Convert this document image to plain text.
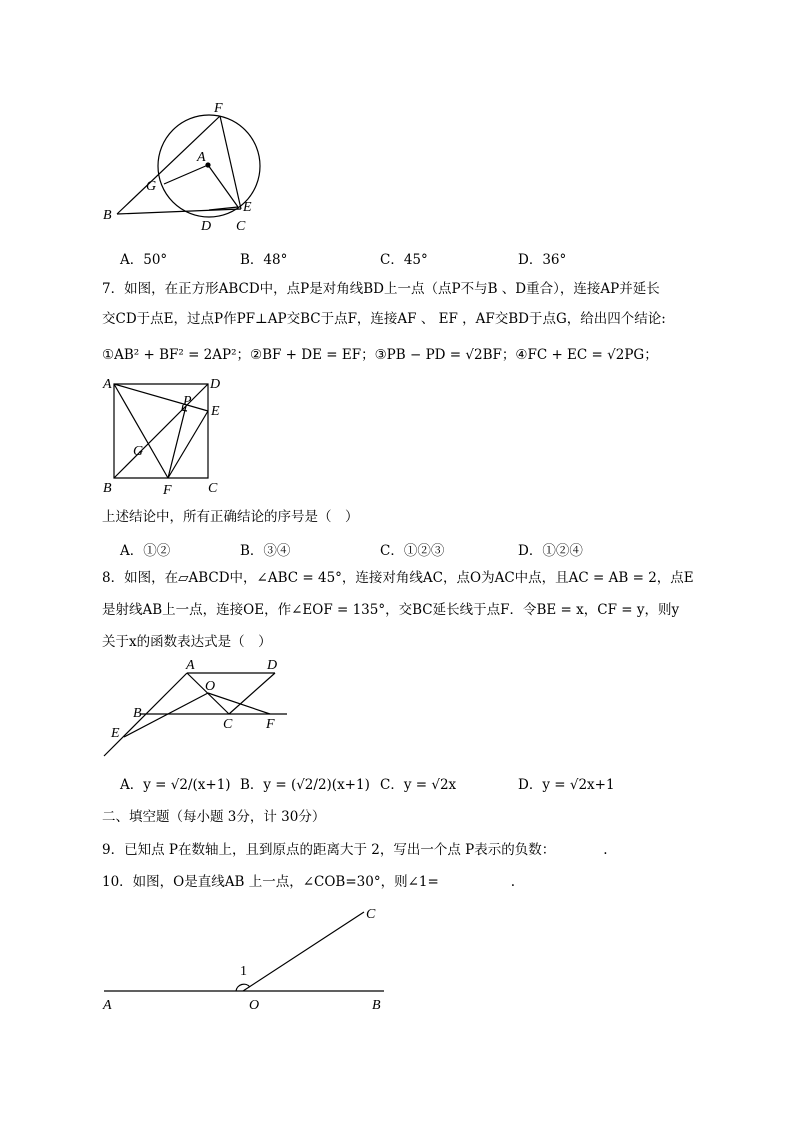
F
A
G
B
D
E
C
A．50°	B．48°	C．45°	D．36°
7．如图，在正方形ABCD中，点P是对角线BD上一点（点P不与B 、D重合），连接AP并延长
交CD于点E，过点P作PF⊥AP交BC于点F，连接AF 、 EF ，AF交BD于点G，给出四个结论:
①AB² + BF² = 2AP²；②BF + DE = EF；③PB − PD = √2BF；④FC + EC = √2PG；
A	D
P
E
G
B	F	C
上述结论中，所有正确结论的序号是（　）
A．①②	B．③④	C．①②③	D．①②④
8．如图，在▱ABCD中，∠ABC = 45°，连接对角线AC，点O为AC中点，且AC = AB = 2，点E
是射线AB上一点，连接OE，作∠EOF = 135°，交BC延长线于点F．令BE = x，CF = y，则y
关于x的函数表达式是（　）
A	D
O
B
C F
E
A．y = √2/(x+1) B．y = (√2/2)(x+1) C．y = √2x	D．y = √2x+1
二、填空题（每小题 3分，计 30分）
9．已知点 P在数轴上，且到原点的距离大于 2，写出一个点 P表示的负数：	.
10．如图，O是直线AB 上一点，∠COB=30°，则∠1=	.
C
1
A	O	B
